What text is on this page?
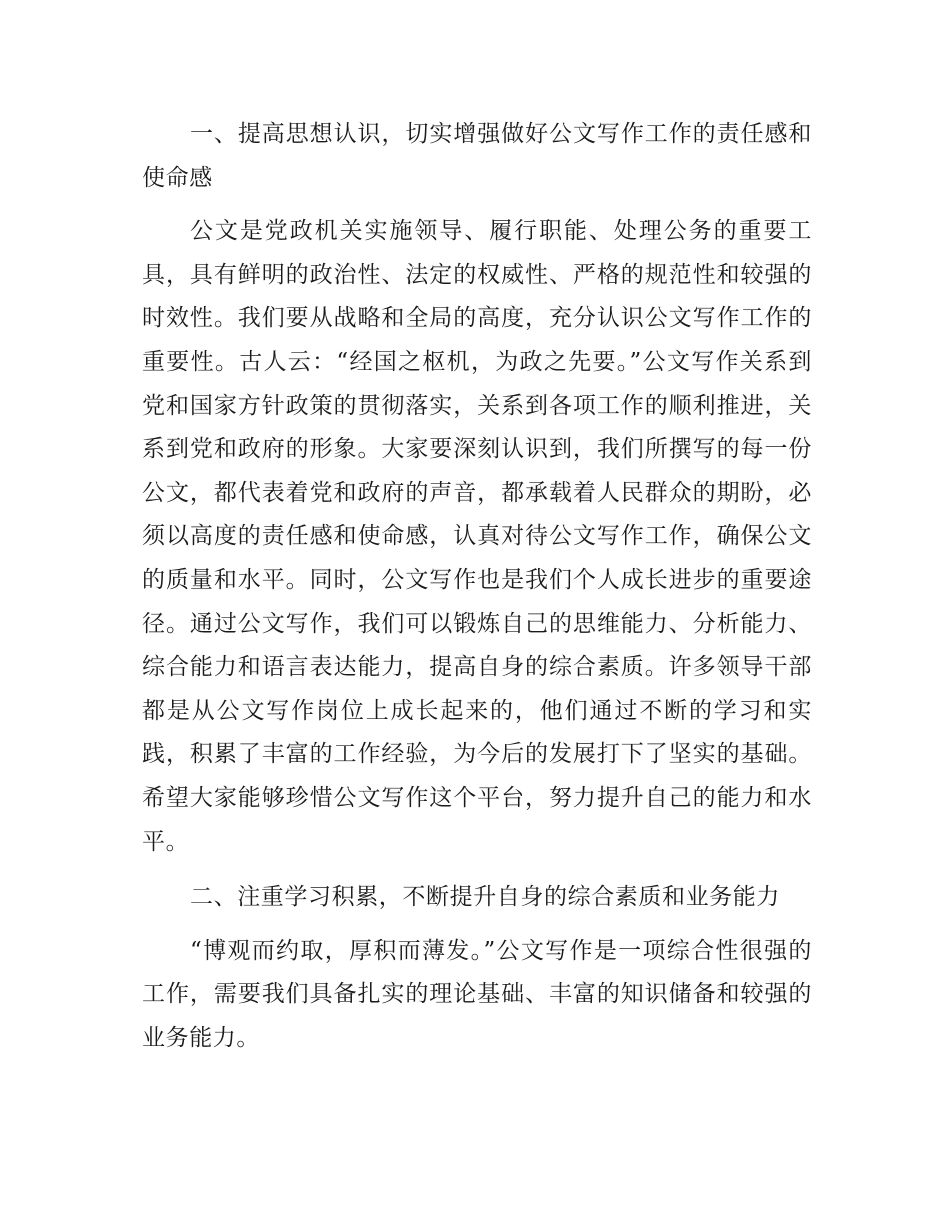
一、提高思想认识，切实增强做好公文写作工作的责任感和使命感

公文是党政机关实施领导、履行职能、处理公务的重要工具，具有鲜明的政治性、法定的权威性、严格的规范性和较强的时效性。我们要从战略和全局的高度，充分认识公文写作工作的重要性。古人云：“经国之枢机，为政之先要。”公文写作关系到党和国家方针政策的贯彻落实，关系到各项工作的顺利推进，关系到党和政府的形象。大家要深刻认识到，我们所撰写的每一份公文，都代表着党和政府的声音，都承载着人民群众的期盼，必须以高度的责任感和使命感，认真对待公文写作工作，确保公文的质量和水平。同时，公文写作也是我们个人成长进步的重要途径。通过公文写作，我们可以锻炼自己的思维能力、分析能力、综合能力和语言表达能力，提高自身的综合素质。许多领导干部都是从公文写作岗位上成长起来的，他们通过不断的学习和实践，积累了丰富的工作经验，为今后的发展打下了坚实的基础。希望大家能够珍惜公文写作这个平台，努力提升自己的能力和水平。

二、注重学习积累，不断提升自身的综合素质和业务能力

“博观而约取，厚积而薄发。”公文写作是一项综合性很强的工作，需要我们具备扎实的理论基础、丰富的知识储备和较强的业务能力。
